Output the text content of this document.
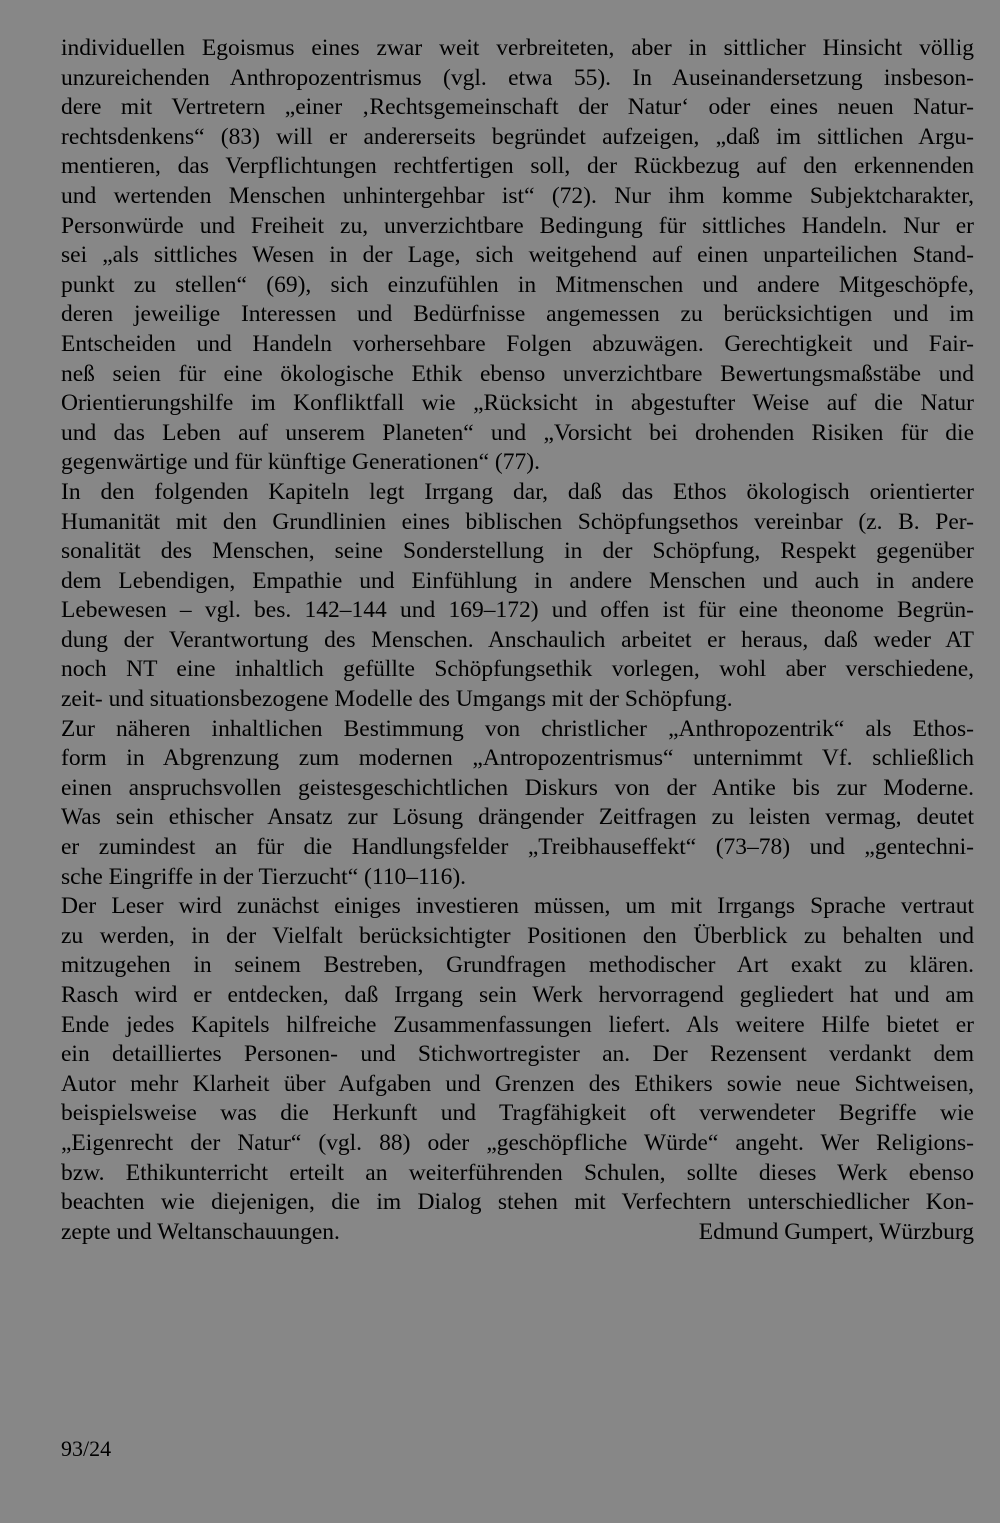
individuellen Egoismus eines zwar weit verbreiteten, aber in sittlicher Hinsicht völlig
unzureichenden Anthropozentrismus (vgl. etwa 55). In Auseinandersetzung insbeson-
dere mit Vertretern „einer ‚Rechtsgemeinschaft der Natur‘ oder eines neuen Natur-
rechtsdenkens“ (83) will er andererseits begründet aufzeigen, „daß im sittlichen Argu-
mentieren, das Verpflichtungen rechtfertigen soll, der Rückbezug auf den erkennenden
und wertenden Menschen unhintergehbar ist“ (72). Nur ihm komme Subjektcharakter,
Personwürde und Freiheit zu, unverzichtbare Bedingung für sittliches Handeln. Nur er
sei „als sittliches Wesen in der Lage, sich weitgehend auf einen unparteilichen Stand-
punkt zu stellen“ (69), sich einzufühlen in Mitmenschen und andere Mitgeschöpfe,
deren jeweilige Interessen und Bedürfnisse angemessen zu berücksichtigen und im
Entscheiden und Handeln vorhersehbare Folgen abzuwägen. Gerechtigkeit und Fair-
neß seien für eine ökologische Ethik ebenso unverzichtbare Bewertungsmaßstäbe und
Orientierungshilfe im Konfliktfall wie „Rücksicht in abgestufter Weise auf die Natur
und das Leben auf unserem Planeten“ und „Vorsicht bei drohenden Risiken für die
gegenwärtige und für künftige Generationen“ (77).
In den folgenden Kapiteln legt Irrgang dar, daß das Ethos ökologisch orientierter
Humanität mit den Grundlinien eines biblischen Schöpfungsethos vereinbar (z. B. Per-
sonalität des Menschen, seine Sonderstellung in der Schöpfung, Respekt gegenüber
dem Lebendigen, Empathie und Einfühlung in andere Menschen und auch in andere
Lebewesen – vgl. bes. 142–144 und 169–172) und offen ist für eine theonome Begrün-
dung der Verantwortung des Menschen. Anschaulich arbeitet er heraus, daß weder AT
noch NT eine inhaltlich gefüllte Schöpfungsethik vorlegen, wohl aber verschiedene,
zeit- und situationsbezogene Modelle des Umgangs mit der Schöpfung.
Zur näheren inhaltlichen Bestimmung von christlicher „Anthropozentrik“ als Ethos-
form in Abgrenzung zum modernen „Antropozentrismus“ unternimmt Vf. schließlich
einen anspruchsvollen geistesgeschichtlichen Diskurs von der Antike bis zur Moderne.
Was sein ethischer Ansatz zur Lösung drängender Zeitfragen zu leisten vermag, deutet
er zumindest an für die Handlungsfelder „Treibhauseffekt“ (73–78) und „gentechni-
sche Eingriffe in der Tierzucht“ (110–116).
Der Leser wird zunächst einiges investieren müssen, um mit Irrgangs Sprache vertraut
zu werden, in der Vielfalt berücksichtigter Positionen den Überblick zu behalten und
mitzugehen in seinem Bestreben, Grundfragen methodischer Art exakt zu klären.
Rasch wird er entdecken, daß Irrgang sein Werk hervorragend gegliedert hat und am
Ende jedes Kapitels hilfreiche Zusammenfassungen liefert. Als weitere Hilfe bietet er
ein detailliertes Personen- und Stichwortregister an. Der Rezensent verdankt dem
Autor mehr Klarheit über Aufgaben und Grenzen des Ethikers sowie neue Sichtweisen,
beispielsweise was die Herkunft und Tragfähigkeit oft verwendeter Begriffe wie
„Eigenrecht der Natur“ (vgl. 88) oder „geschöpfliche Würde“ angeht. Wer Religions-
bzw. Ethikunterricht erteilt an weiterführenden Schulen, sollte dieses Werk ebenso
beachten wie diejenigen, die im Dialog stehen mit Verfechtern unterschiedlicher Kon-
zepte und Weltanschauungen.	Edmund Gumpert, Würzburg
93/24
